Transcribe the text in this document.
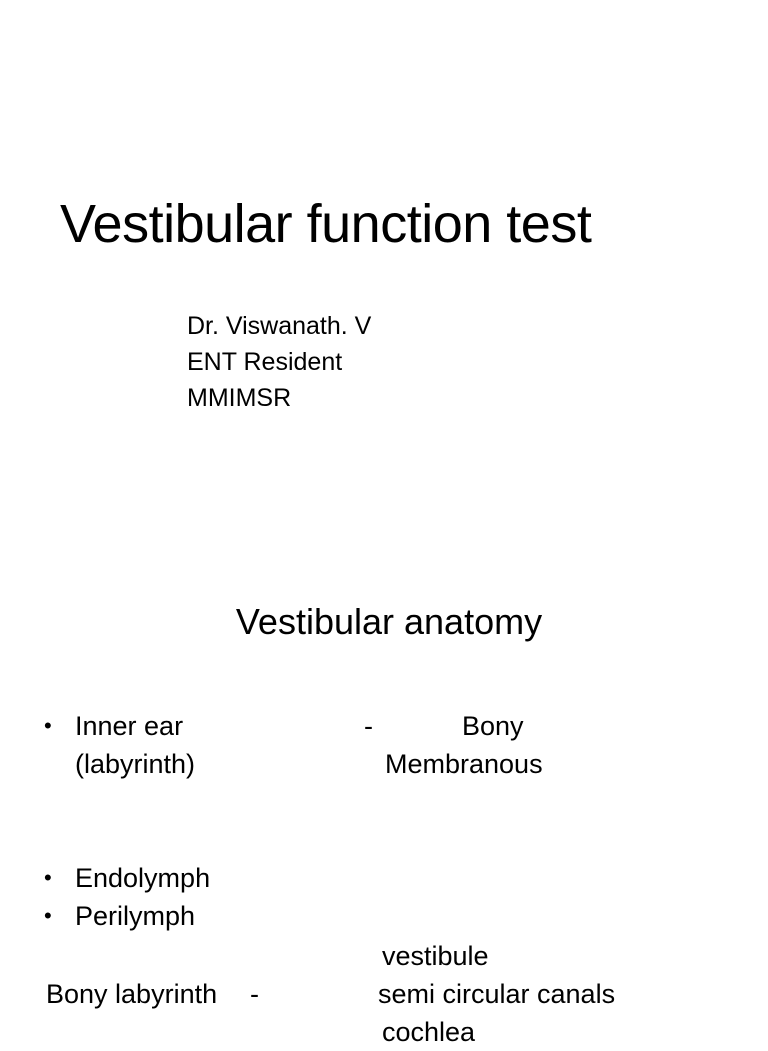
Vestibular function test
Dr. Viswanath. V
ENT Resident
MMIMSR
Vestibular anatomy
• Inner ear	-	Bony
(labyrinth)	Membranous
• Endolymph
• Perilymph
vestibule
Bony labyrinth -	semi circular canals
cochlea
